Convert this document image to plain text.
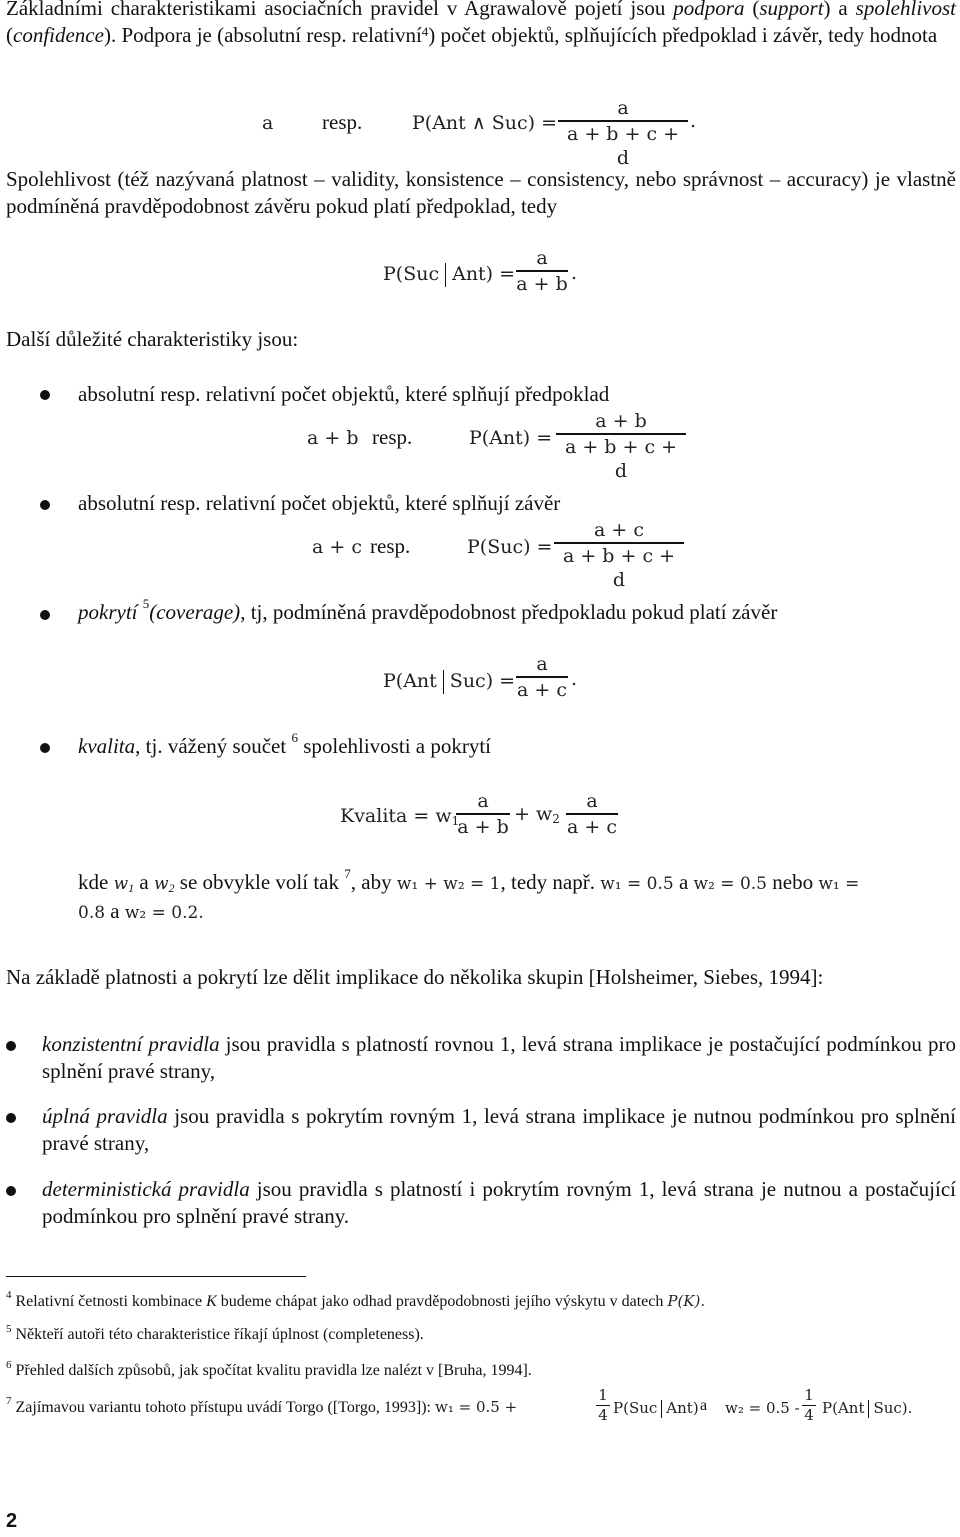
Základními charakteristikami asociačních pravidel v Agrawalově pojetí jsou podpora (support) a spolehlivost (confidence). Podpora je (absolutní resp. relativní$^4$) počet objektů, splňujících předpoklad i závěr, tedy hodnota
a resp.	P(Ant ∧ $Suc) = \frac{a}{a + b + c + d}$ .
Spolehlivost (též nazývaná platnost ‒ validity, konsistence ‒ consistency, nebo správnost ‒ accuracy) je vlastně podmíněná pravděpodobnost závěru pokud platí předpoklad, tedy
P(Suc $Ant) = \frac{a}{a + b}$ .
Další důležité charakteristiky jsou:
absolutní resp. relativní počet objektů, které splňují předpoklad
a + b resp.	$P(Ant) = \frac{a + b}{a + b + c + d}$
absolutní resp. relativní počet objektů, které splňují závěr
a + c resp.	$P(Suc) = \frac{a + c}{a + b + c + d}$
pokrytí $^5$(coverage), tj, podmíněná pravděpodobnost předpokladu pokud platí závěr
P(Ant $Suc) = \frac{a}{a + c}$ .
kvalita, tj. vážený součet $^6$ spolehlivosti a pokrytí
Kvalita = $w_1$
$\frac{a}{a + b} + w_2 \frac{a}{a + c}$
kde $w_1$ a $w_2$ se obvykle volí tak $^7$, aby w₁ + w₂ = 1, tedy např. w₁ = 0.5 a w₂ = 0.5 nebo w₁ =
0.8 a w₂ = 0.2.
Na základě platnosti a pokrytí lze dělit implikace do několika skupin [Holsheimer, Siebes, 1994]:
konzistentní pravidla jsou pravidla s platností rovnou 1, levá strana implikace je postačující podmínkou pro splnění pravé strany,
úplná pravidla jsou pravidla s pokrytím rovným 1, levá strana implikace je nutnou podmínkou pro splnění pravé strany,
deterministická pravidla jsou pravidla s platností i pokrytím rovným 1, levá strana je nutnou a postačující podmínkou pro splnění pravé strany.
$^4$ Relativní četnosti kombinace K budeme chápat jako odhad pravděpodobnosti jejího výskytu v datech P(K).
$^5$ Někteří autoři této charakteristice říkají úplnost (completeness).
$^6$ Přehled dalších způsobů, jak spočítat kvalitu pravidla lze nalézt v [Bruha, 1994].
$^7$ Zajímavou variantu tohoto přístupu uvádí Torgo ([Torgo, 1993]): w₁ = 0.5 +	$\frac{1}{4} P(Suc$ Ant) a $w_2 = 0.5 - \frac{1}{4} P(Ant$ Suc).
2
